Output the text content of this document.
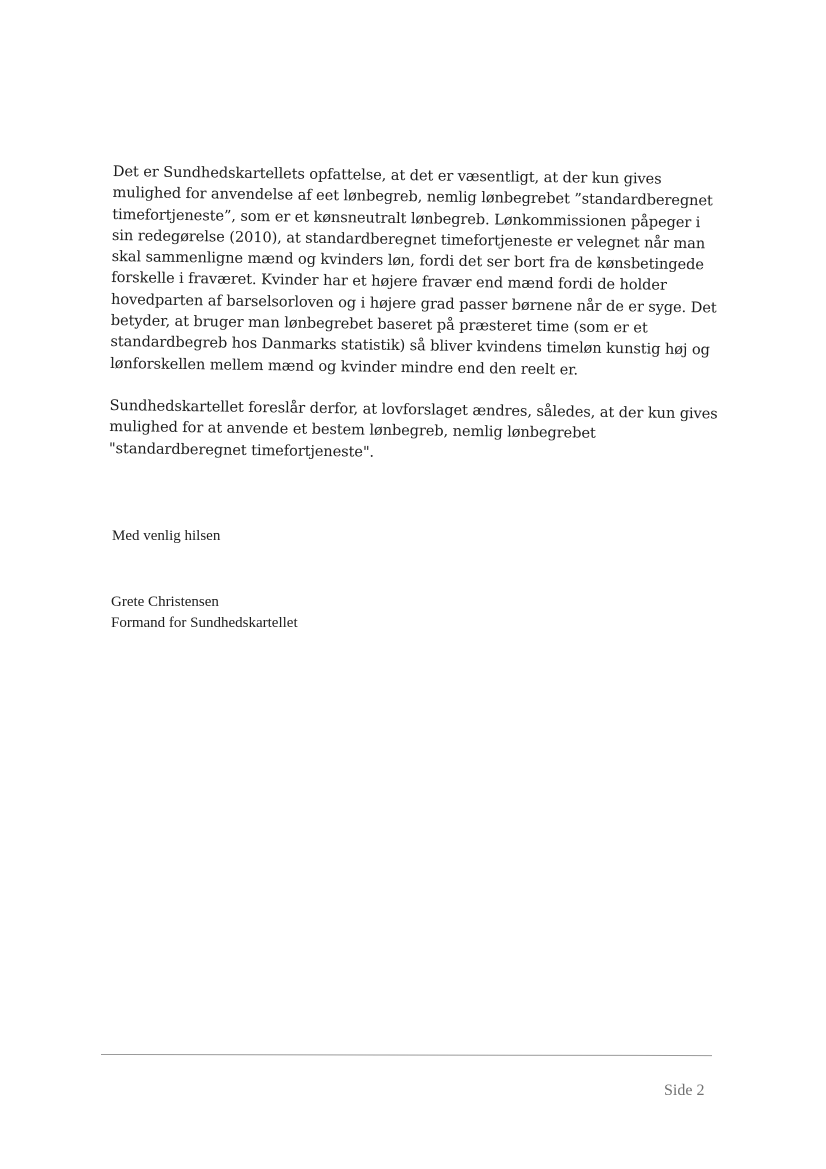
Det er Sundhedskartellets opfattelse, at det er væsentligt, at der kun gives mulighed for anvendelse af eet lønbegreb, nemlig lønbegrebet ”standardberegnet timefortjeneste”, som er et kønsneutralt lønbegreb. Lønkommissionen påpeger i sin redegørelse (2010), at standardberegnet timefortjeneste er velegnet når man skal sammenligne mænd og kvinders løn, fordi det ser bort fra de kønsbetingede forskelle i fraværet. Kvinder har et højere fravær end mænd fordi de holder hovedparten af barselsorloven og i højere grad passer børnene når de er syge. Det betyder, at bruger man lønbegrebet baseret på præsteret time (som er et standardbegreb hos Danmarks statistik) så bliver kvindens timeløn kunstig høj og lønforskellen mellem mænd og kvinder mindre end den reelt er.

Sundhedskartellet foreslår derfor, at lovforslaget ændres, således, at der kun gives mulighed for at anvende et bestem lønbegreb, nemlig lønbegrebet "standardberegnet timefortjeneste".

Med venlig hilsen

Grete Christensen

Formand for Sundhedskartellet

Side 2
